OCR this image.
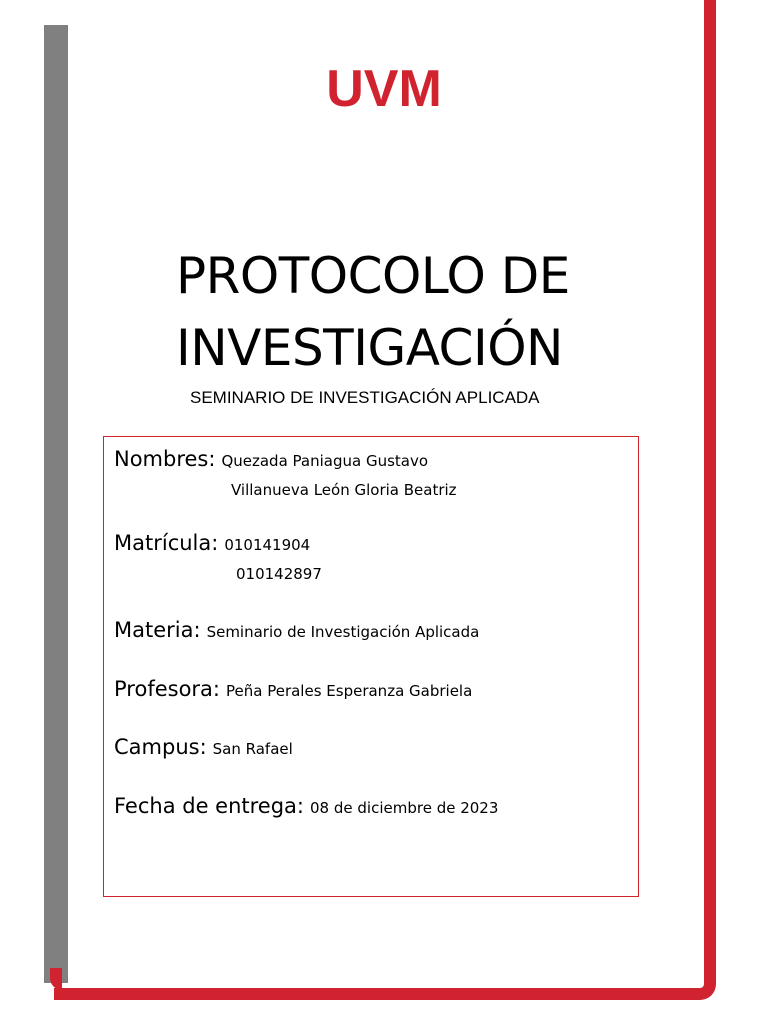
UVM
PROTOCOLO DE
INVESTIGACIÓN
SEMINARIO DE INVESTIGACIÓN APLICADA
Nombres: Quezada Paniagua Gustavo
Villanueva León Gloria Beatriz
Matrícula: 010141904
010142897
Materia: Seminario de Investigación Aplicada
Profesora: Peña Perales Esperanza Gabriela
Campus: San Rafael
Fecha de entrega: 08 de diciembre de 2023
